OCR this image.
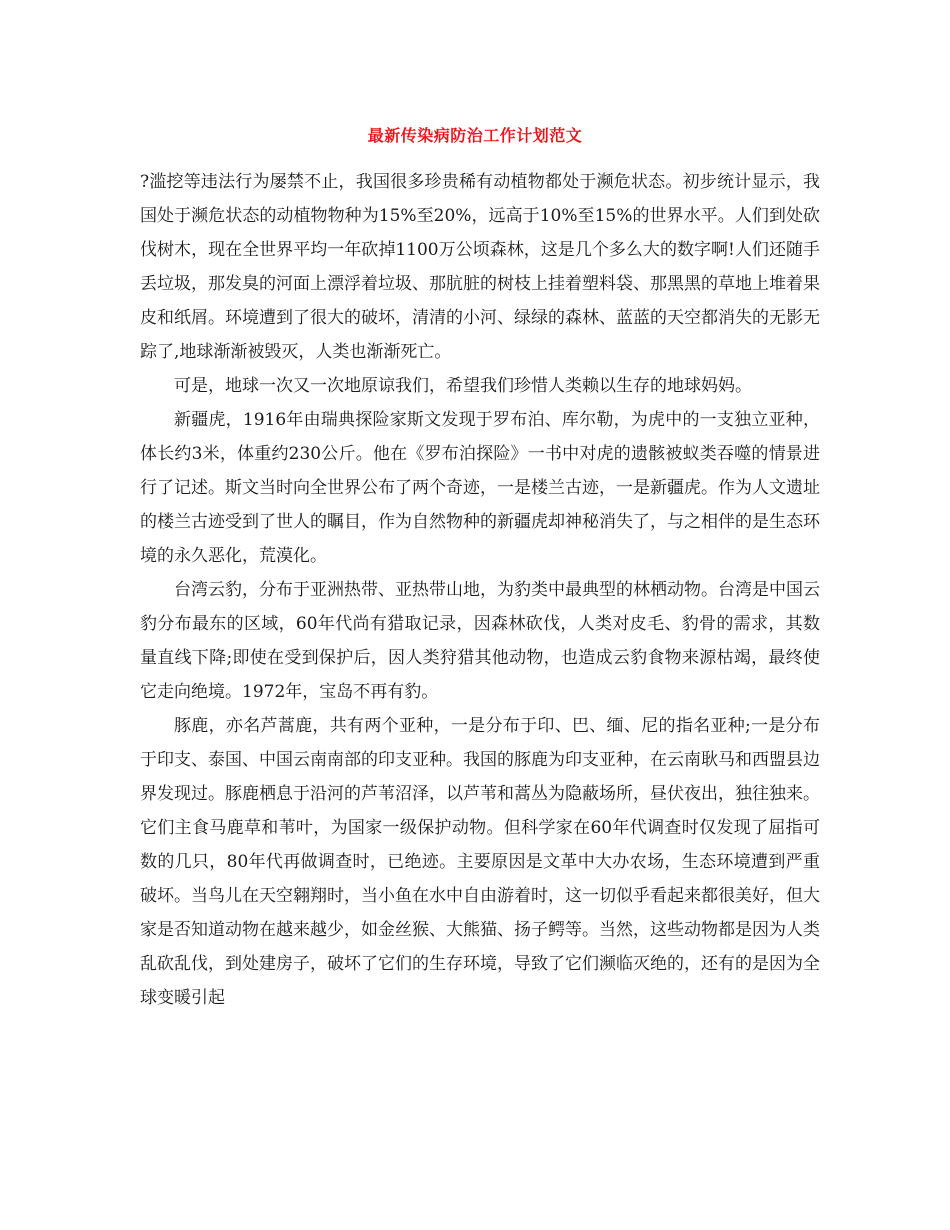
最新传染病防治工作计划范文

?滥挖等违法行为屡禁不止，我国很多珍贵稀有动植物都处于濒危状态。初步统计显示，我国处于濒危状态的动植物物种为15%至20%，远高于10%至15%的世界水平。人们到处砍伐树木，现在全世界平均一年砍掉1100万公顷森林，这是几个多么大的数字啊!人们还随手丢垃圾，那发臭的河面上漂浮着垃圾、那肮脏的树枝上挂着塑料袋、那黑黑的草地上堆着果皮和纸屑。环境遭到了很大的破坏，清清的小河、绿绿的森林、蓝蓝的天空都消失的无影无踪了,地球渐渐被毁灭，人类也渐渐死亡。

可是，地球一次又一次地原谅我们，希望我们珍惜人类赖以生存的地球妈妈。

新疆虎，1916年由瑞典探险家斯文发现于罗布泊、库尔勒，为虎中的一支独立亚种，体长约3米，体重约230公斤。他在《罗布泊探险》一书中对虎的遗骸被蚁类吞噬的情景进行了记述。斯文当时向全世界公布了两个奇迹，一是楼兰古迹，一是新疆虎。作为人文遗址的楼兰古迹受到了世人的瞩目，作为自然物种的新疆虎却神秘消失了，与之相伴的是生态环境的永久恶化，荒漠化。

台湾云豹，分布于亚洲热带、亚热带山地，为豹类中最典型的林栖动物。台湾是中国云豹分布最东的区域，60年代尚有猎取记录，因森林砍伐，人类对皮毛、豹骨的需求，其数量直线下降;即使在受到保护后，因人类狩猎其他动物，也造成云豹食物来源枯竭，最终使它走向绝境。1972年，宝岛不再有豹。

豚鹿，亦名芦蒿鹿，共有两个亚种，一是分布于印、巴、缅、尼的指名亚种;一是分布于印支、泰国、中国云南南部的印支亚种。我国的豚鹿为印支亚种，在云南耿马和西盟县边界发现过。豚鹿栖息于沿河的芦苇沼泽，以芦苇和蒿丛为隐蔽场所，昼伏夜出，独往独来。它们主食马鹿草和苇叶，为国家一级保护动物。但科学家在60年代调查时仅发现了屈指可数的几只，80年代再做调查时，已绝迹。主要原因是文革中大办农场，生态环境遭到严重破坏。当鸟儿在天空翱翔时，当小鱼在水中自由游着时，这一切似乎看起来都很美好，但大家是否知道动物在越来越少，如金丝猴、大熊猫、扬子鳄等。当然，这些动物都是因为人类乱砍乱伐，到处建房子，破坏了它们的生存环境，导致了它们濒临灭绝的，还有的是因为全球变暖引起
